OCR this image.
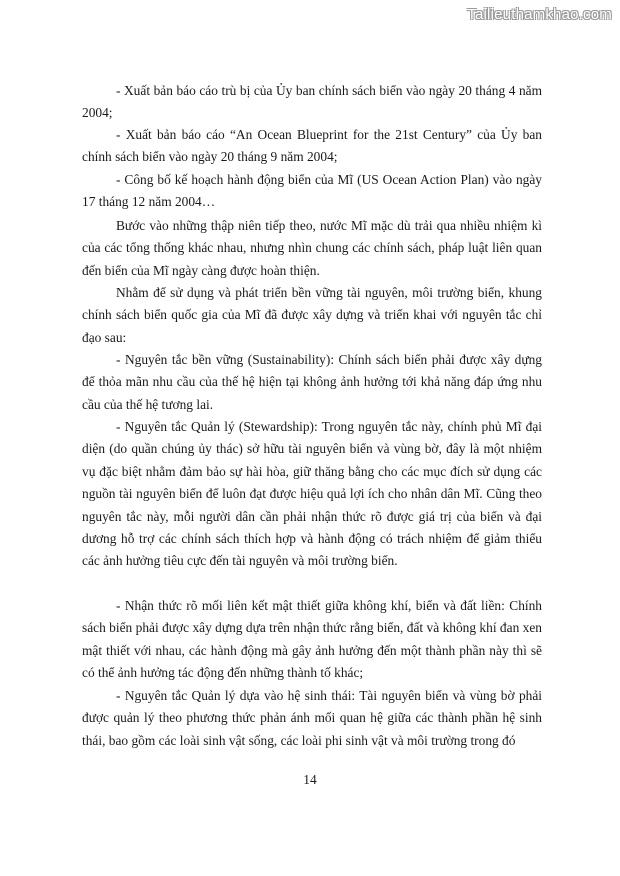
Tailieuthamkhao.com

- Xuất bản báo cáo trù bị của Ủy ban chính sách biển vào ngày 20 tháng 4 năm 2004;

- Xuất bản báo cáo “An Ocean Blueprint for the 21st Century” của Ủy ban chính sách biển vào ngày 20 tháng 9 năm 2004;

- Công bố kế hoạch hành động biển của Mĩ (US Ocean Action Plan) vào ngày 17 tháng 12 năm 2004…

Bước vào những thập niên tiếp theo, nước Mĩ mặc dù trải qua nhiều nhiệm kì của các tổng thống khác nhau, nhưng nhìn chung các chính sách, pháp luật liên quan đến biển của Mĩ ngày càng được hoàn thiện.

Nhằm để sử dụng và phát triển bền vững tài nguyên, môi trường biển, khung chính sách biển quốc gia của Mĩ đã được xây dựng và triển khai với nguyên tắc chỉ đạo sau:

- Nguyên tắc bền vững (Sustainability): Chính sách biển phải được xây dựng để thỏa mãn nhu cầu của thế hệ hiện tại không ảnh hưởng tới khả năng đáp ứng nhu cầu của thế hệ tương lai.

- Nguyên tắc Quản lý (Stewardship): Trong nguyên tắc này, chính phủ Mĩ đại diện (do quần chúng ủy thác) sở hữu tài nguyên biển và vùng bờ, đây là một nhiệm vụ đặc biệt nhằm đảm bảo sự hài hòa, giữ thăng bằng cho các mục đích sử dụng các nguồn tài nguyên biển để luôn đạt được hiệu quả lợi ích cho nhân dân Mĩ. Cũng theo nguyên tắc này, mỗi người dân cần phải nhận thức rõ được giá trị của biển và đại dương hỗ trợ các chính sách thích hợp và hành động có trách nhiệm để giảm thiểu các ảnh hưởng tiêu cực đến tài nguyên và môi trường biển.

- Nhận thức rõ mối liên kết mật thiết giữa không khí, biển và đất liền: Chính sách biển phải được xây dựng dựa trên nhận thức rằng biển, đất và không khí đan xen mật thiết với nhau, các hành động mà gây ảnh hưởng đến một thành phần này thì sẽ có thể ảnh hưởng tác động đến những thành tố khác;

- Nguyên tắc Quản lý dựa vào hệ sinh thái: Tài nguyên biển và vùng bờ phải được quản lý theo phương thức phản ánh mối quan hệ giữa các thành phần hệ sinh thái, bao gồm các loài sinh vật sống, các loài phi sinh vật và môi trường trong đó

14
